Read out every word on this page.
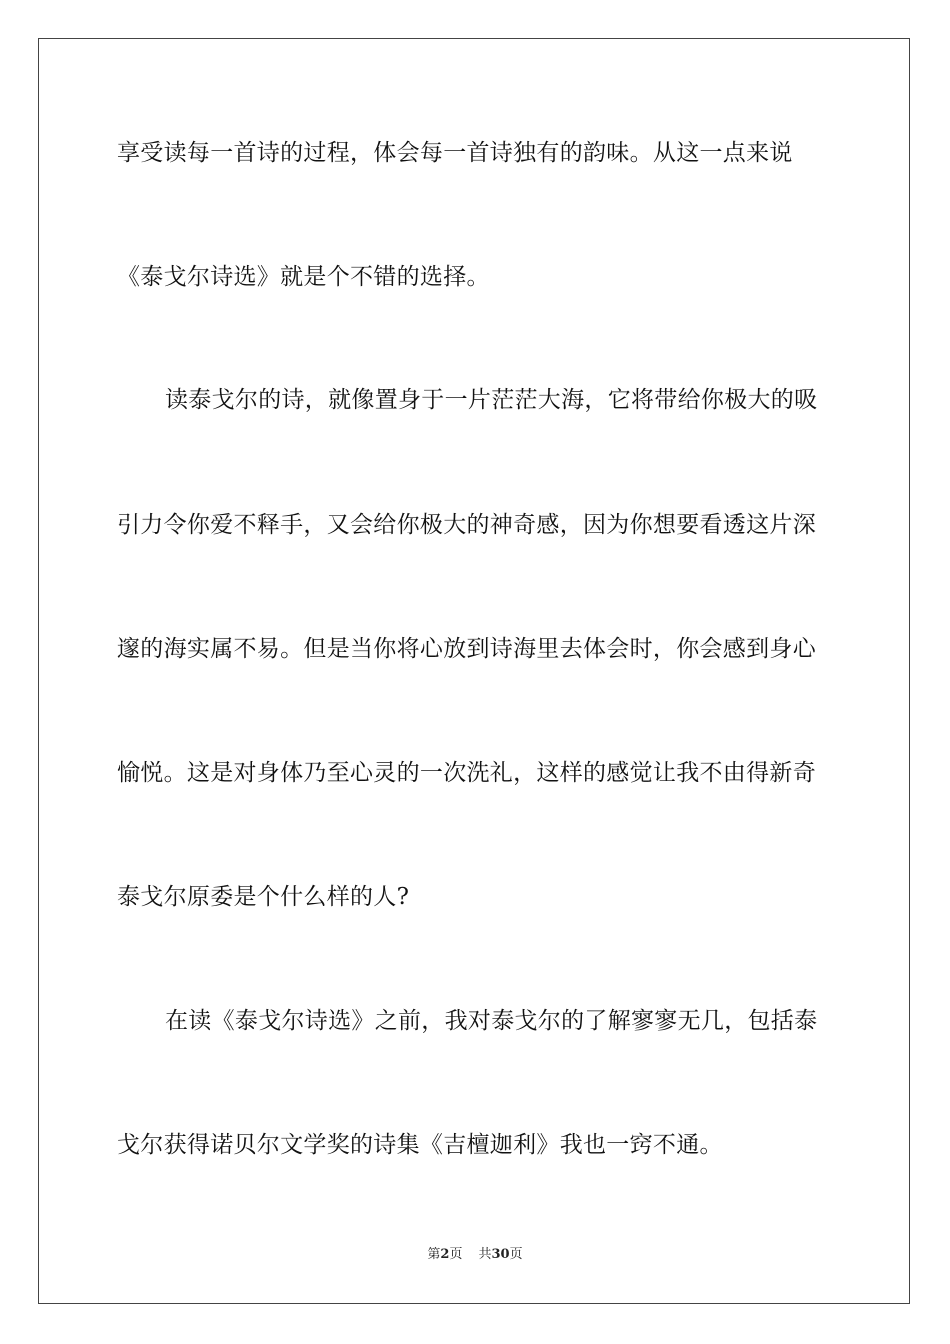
享受读每一首诗的过程，体会每一首诗独有的韵味。从这一点来说
《泰戈尔诗选》就是个不错的选择。
读泰戈尔的诗，就像置身于一片茫茫大海，它将带给你极大的吸
引力令你爱不释手，又会给你极大的神奇感，因为你想要看透这片深
邃的海实属不易。但是当你将心放到诗海里去体会时，你会感到身心
愉悦。这是对身体乃至心灵的一次洗礼，这样的感觉让我不由得新奇
泰戈尔原委是个什么样的人?
在读《泰戈尔诗选》之前，我对泰戈尔的了解寥寥无几，包括泰
戈尔获得诺贝尔文学奖的诗集《吉檀迦利》我也一窍不通。
第2页 共30页
